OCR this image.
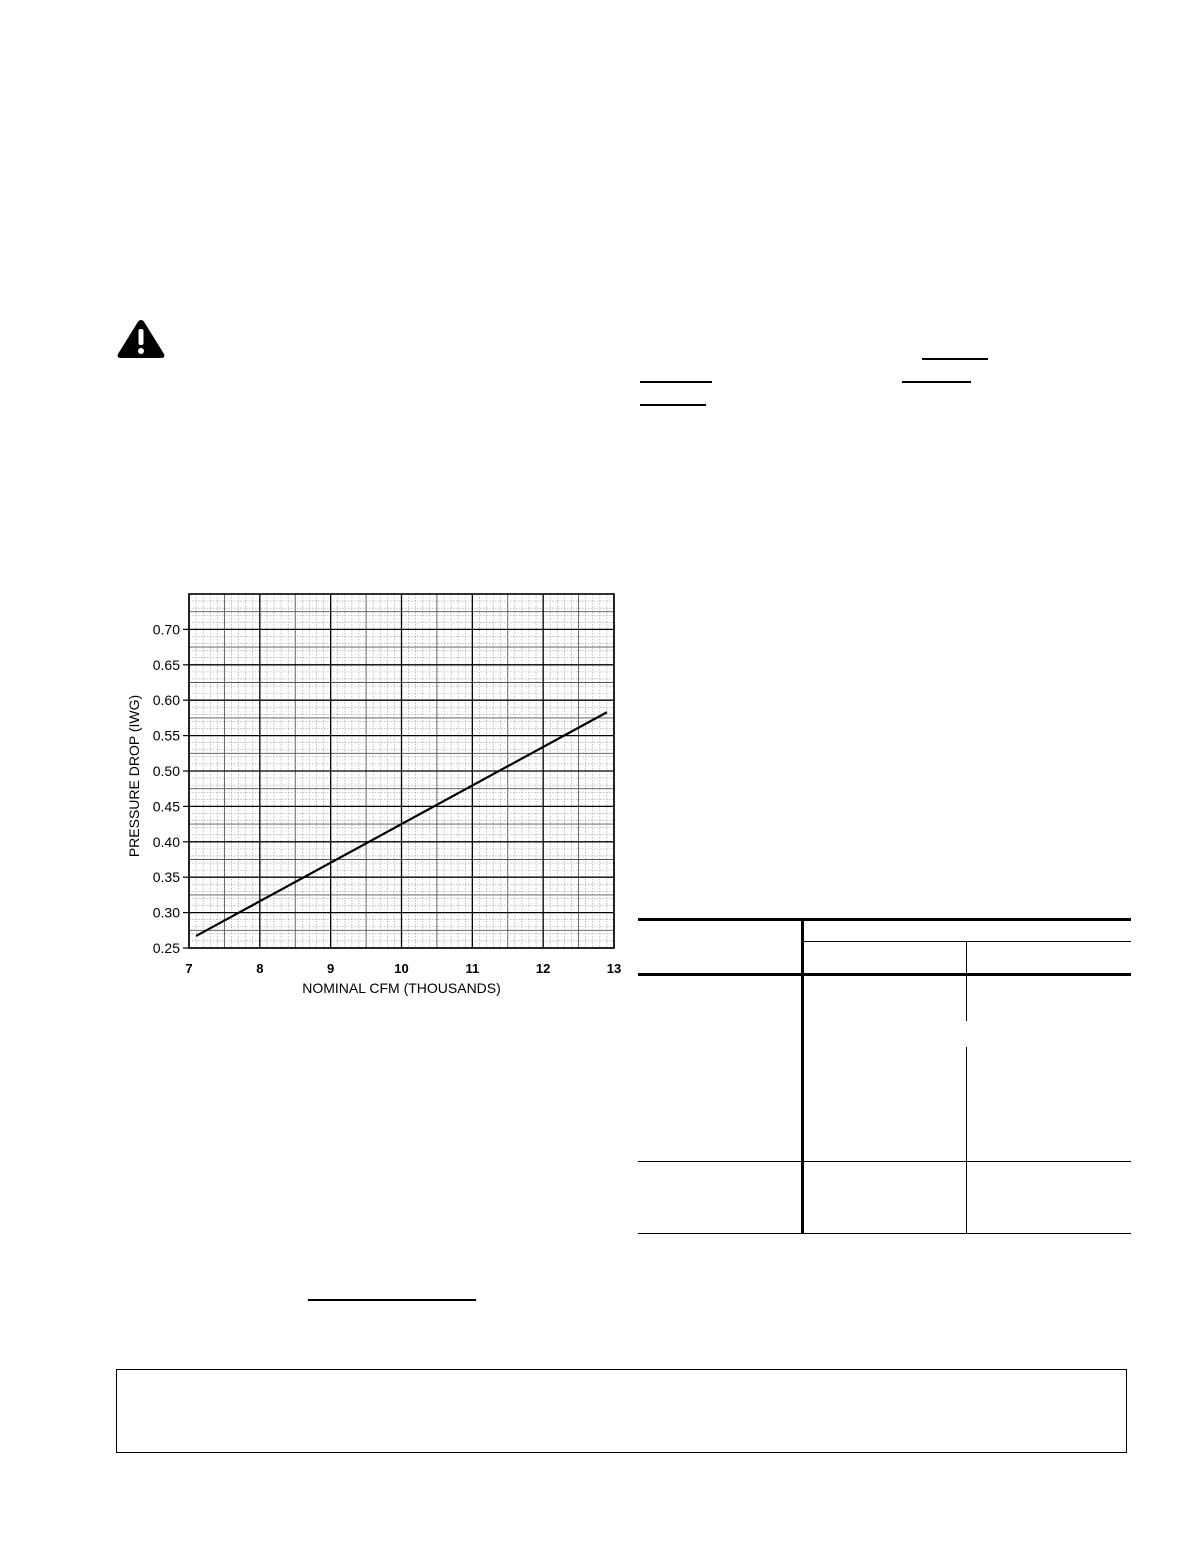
7	8	9	10	11	12	13
0.25
0.30
0.35
0.40
0.45
0.50
0.55
0.60
0.65
0.70
NOMINAL CFM (THOUSANDS)
PRESSURE DROP (IWG)
